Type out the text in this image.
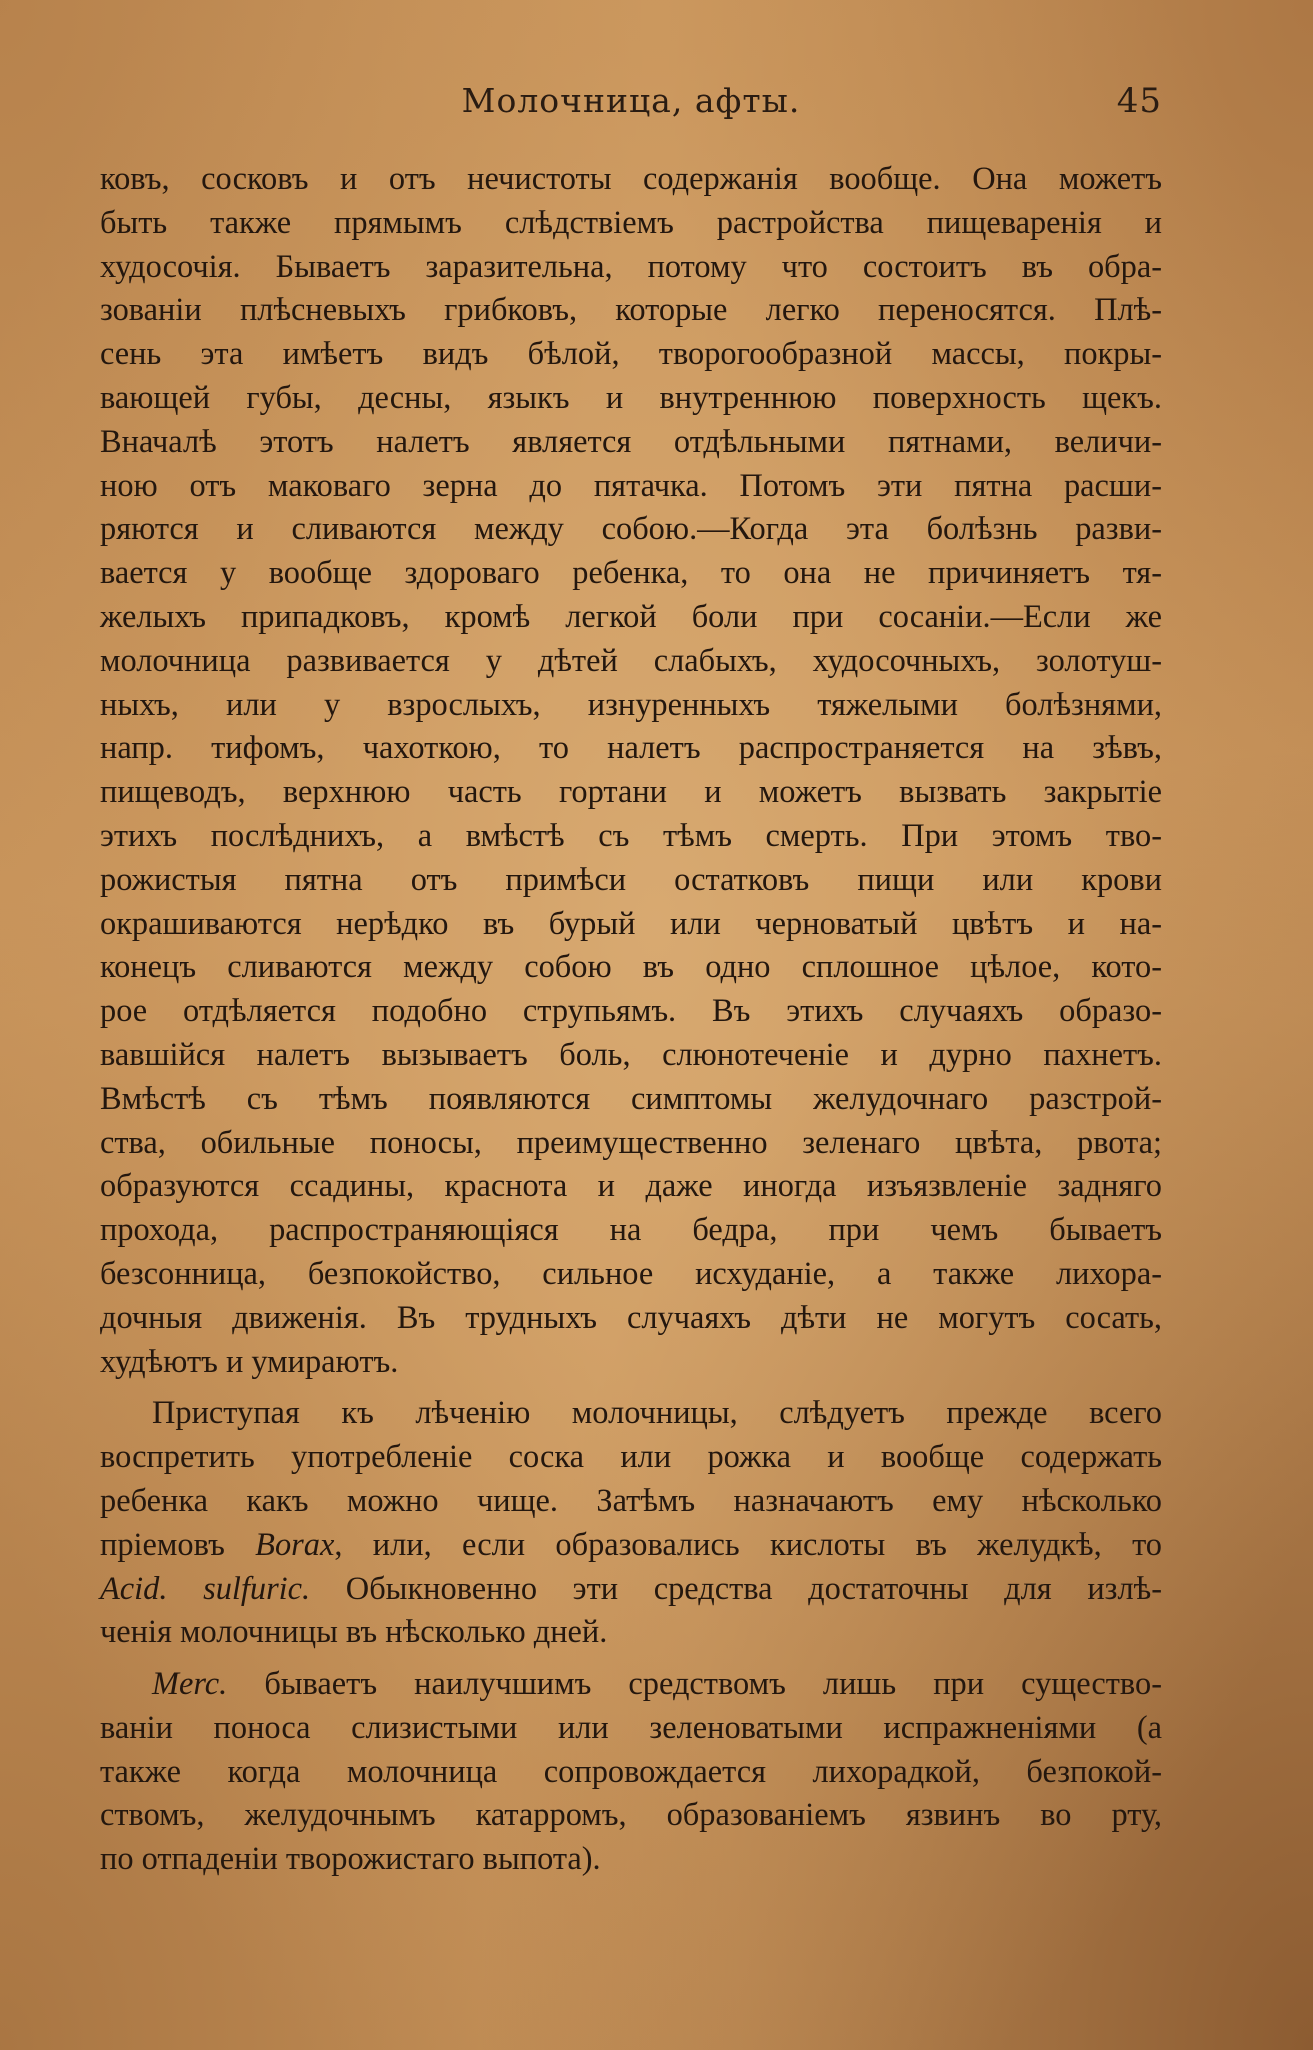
Молочница, афты.	45
ковъ, сосковъ и отъ нечистоты содержанія вообще. Она можетъ
быть также прямымъ слѣдствіемъ растройства пищеваренія и
худосочія. Бываетъ заразительна, потому что состоитъ въ обра-
зованіи плѣсневыхъ грибковъ, которые легко переносятся. Плѣ-
сень эта имѣетъ видъ бѣлой, творогообразной массы, покры-
вающей губы, десны, языкъ и внутреннюю поверхность щекъ.
Вначалѣ этотъ налетъ является отдѣльными пятнами, величи-
ною отъ маковаго зерна до пятачка. Потомъ эти пятна расши-
ряются и сливаются между собою.—Когда эта болѣзнь разви-
вается у вообще здороваго ребенка, то она не причиняетъ тя-
желыхъ припадковъ, кромѣ легкой боли при сосаніи.—Если же
молочница развивается у дѣтей слабыхъ, худосочныхъ, золотуш-
ныхъ, или у взрослыхъ, изнуренныхъ тяжелыми болѣзнями,
напр. тифомъ, чахоткою, то налетъ распространяется на зѣвъ,
пищеводъ, верхнюю часть гортани и можетъ вызвать закрытіе
этихъ послѣднихъ, а вмѣстѣ съ тѣмъ смерть. При этомъ тво-
рожистыя пятна отъ примѣси остатковъ пищи или крови
окрашиваются нерѣдко въ бурый или черноватый цвѣтъ и на-
конецъ сливаются между собою въ одно сплошное цѣлое, кото-
рое отдѣляется подобно струпьямъ. Въ этихъ случаяхъ образо-
вавшійся налетъ вызываетъ боль, слюнотеченіе и дурно пахнетъ.
Вмѣстѣ съ тѣмъ появляются симптомы желудочнаго разстрой-
ства, обильные поносы, преимущественно зеленаго цвѣта, рвота;
образуются ссадины, краснота и даже иногда изъязвленіе задняго
прохода, распространяющіяся на бедра, при чемъ бываетъ
безсонница, безпокойство, сильное исхуданіе, а также лихора-
дочныя движенія. Въ трудныхъ случаяхъ дѣти не могутъ сосать,
худѣютъ и умираютъ.
Приступая къ лѣченію молочницы, слѣдуетъ прежде всего
воспретить употребленіе соска или рожка и вообще содержать
ребенка какъ можно чище. Затѣмъ назначаютъ ему нѣсколько
пріемовъ Borax, или, если образовались кислоты въ желудкѣ, то
Acid. sulfuric. Обыкновенно эти средства достаточны для излѣ-
ченія молочницы въ нѣсколько дней.
Merc. бываетъ наилучшимъ средствомъ лишь при существо-
ваніи поноса слизистыми или зеленоватыми испражненіями (а
также когда молочница сопровождается лихорадкой, безпокой-
ствомъ, желудочнымъ катарромъ, образованіемъ язвинъ во рту,
по отпаденіи творожистаго выпота).
